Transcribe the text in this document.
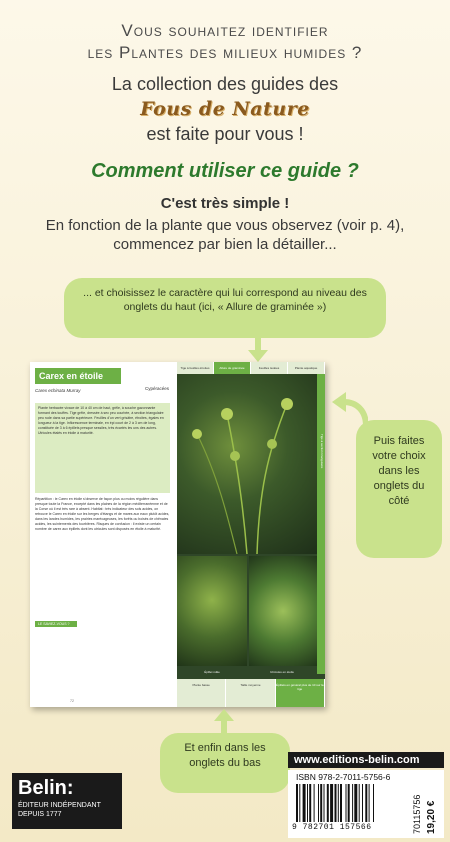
Vous souhaitez identifier
les Plantes des milieux humides ?
La collection des guides des
Fous de Nature
est faite pour vous !
Comment utiliser ce guide ?
C'est très simple !
En fonction de la plante que vous observez (voir p. 4), commencez par bien la détailler...
... et choisissez le caractère qui lui correspond au niveau des onglets du haut (ici, « Allure de graminée »)
Puis faites votre choix dans les onglets du côté
Carex en étoile
Carex echinata Murray	Cypéracées
Plante herbacée vivace de 10 à 40 cm de haut, grêle, à souche gazonnante formant des touffes. Tige grêle, dressée à sec peu courbée, à section triangulaire peu rude dans sa partie supérieure. Feuilles d'un vert grisâtre, étroites, égales en longueur à la tige. Inflorescence terminale, en épi court de 2 à 3 cm de long, constituée de 3 à 6 épillets presque sessiles, très écartés les uns des autres. Utricules étalés en étoile à maturité.
Répartition : le Carex en étoile s'observe de façon plus ou moins régulière dans presque toute la France, excepté dans les plaines de la région méditerranéenne et de la Corse où il est très rare à absent. Habitat : très indicateur des sols acides, on retrouve le Carex en étoile sur les berges d'étangs et de mares aux eaux plutôt acides, dans les landes humides, les prairies marécageuses, les forêts ou boisés de chênaies acides, les suintements des tourbières. Risques de confusion : il existe un certain nombre de carex aux épillets dont les utricules sont disposés en étoile à maturité.
LE SAVIEZ-VOUS ?
72
Tige à feuilles étroites	Allure de graminée	Feuilles isolées	Plante aquatique
Épillet mâle	Utricules en étoile
Tige à section triangulaire
Plante basse	Taille moyenne	Épillets en général plus de 10 sur la tige
Et enfin dans les onglets du bas	www.editions-belin.com
ISBN 978-2-7011-5756-6
9 782701 157566	70115756 19,20 €
Belin:
ÉDITEUR INDÉPENDANT
DEPUIS 1777
